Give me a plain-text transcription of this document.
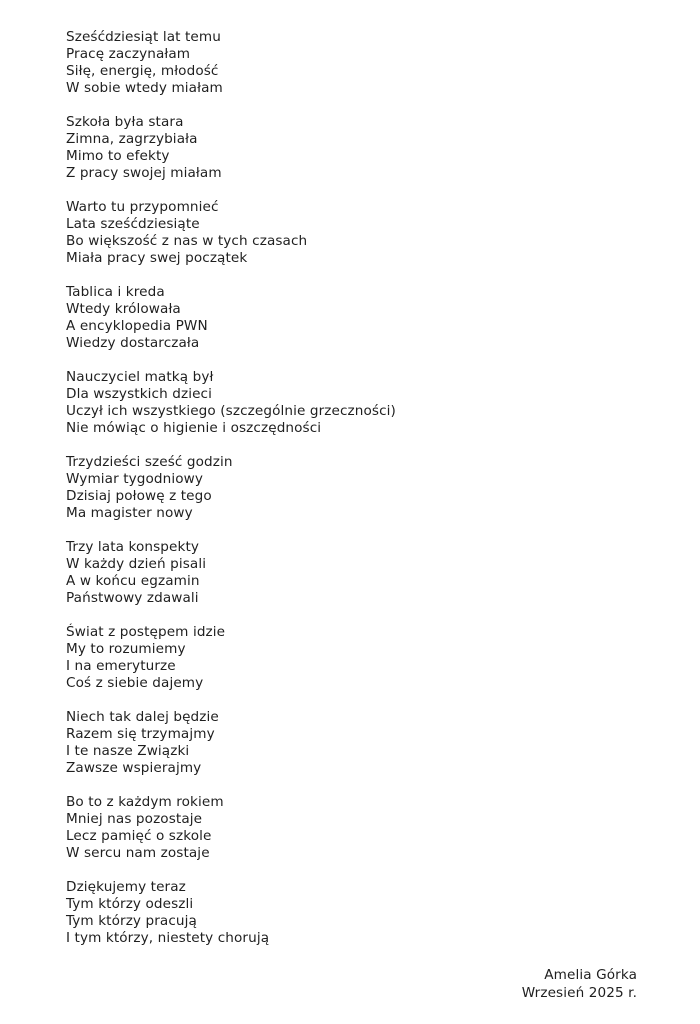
Sześćdziesiąt lat temu
Pracę zaczynałam
Siłę, energię, młodość
W sobie wtedy miałam
Szkoła była stara
Zimna, zagrzybiała
Mimo to efekty
Z pracy swojej miałam
Warto tu przypomnieć
Lata sześćdziesiąte
Bo większość z nas w tych czasach
Miała pracy swej początek
Tablica i kreda
Wtedy królowała
A encyklopedia PWN
Wiedzy dostarczała
Nauczyciel matką był
Dla wszystkich dzieci
Uczył ich wszystkiego (szczególnie grzeczności)
Nie mówiąc o higienie i oszczędności
Trzydzieści sześć godzin
Wymiar tygodniowy
Dzisiaj połowę z tego
Ma magister nowy
Trzy lata konspekty
W każdy dzień pisali
A w końcu egzamin
Państwowy zdawali
Świat z postępem idzie
My to rozumiemy
I na emeryturze
Coś z siebie dajemy
Niech tak dalej będzie
Razem się trzymajmy
I te nasze Związki
Zawsze wspierajmy
Bo to z każdym rokiem
Mniej nas pozostaje
Lecz pamięć o szkole
W sercu nam zostaje
Dziękujemy teraz
Tym którzy odeszli
Tym którzy pracują
I tym którzy, niestety chorują
Amelia Górka
Wrzesień 2025 r.
